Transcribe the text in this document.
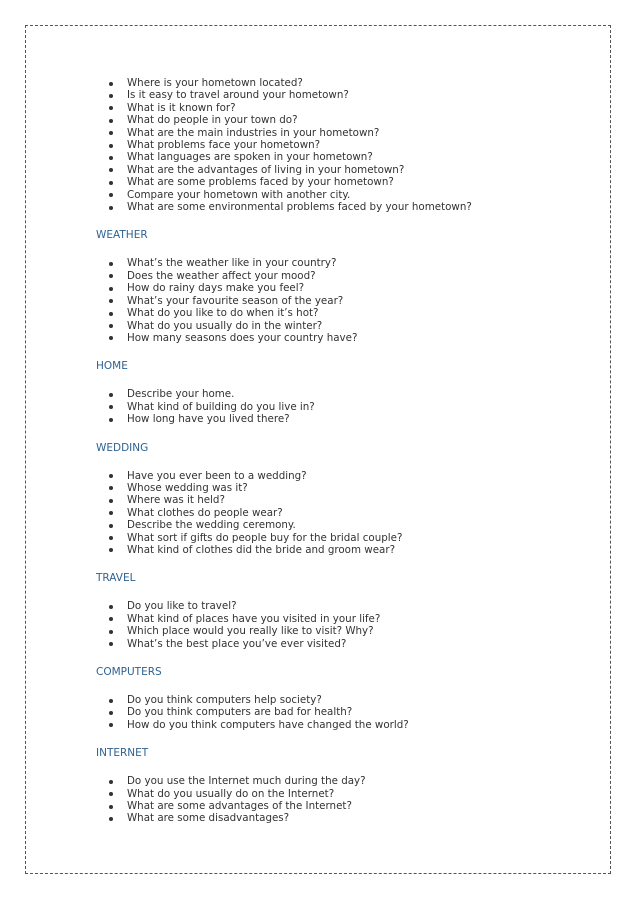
Where is your hometown located?
Is it easy to travel around your hometown?
What is it known for?
What do people in your town do?
What are the main industries in your hometown?
What problems face your hometown?
What languages are spoken in your hometown?
What are the advantages of living in your hometown?
What are some problems faced by your hometown?
Compare your hometown with another city.
What are some environmental problems faced by your hometown?
WEATHER
What’s the weather like in your country?
Does the weather affect your mood?
How do rainy days make you feel?
What’s your favourite season of the year?
What do you like to do when it’s hot?
What do you usually do in the winter?
How many seasons does your country have?
HOME
Describe your home.
What kind of building do you live in?
How long have you lived there?
WEDDING
Have you ever been to a wedding?
Whose wedding was it?
Where was it held?
What clothes do people wear?
Describe the wedding ceremony.
What sort if gifts do people buy for the bridal couple?
What kind of clothes did the bride and groom wear?
TRAVEL
Do you like to travel?
What kind of places have you visited in your life?
Which place would you really like to visit? Why?
What’s the best place you’ve ever visited?
COMPUTERS
Do you think computers help society?
Do you think computers are bad for health?
How do you think computers have changed the world?
INTERNET
Do you use the Internet much during the day?
What do you usually do on the Internet?
What are some advantages of the Internet?
What are some disadvantages?
